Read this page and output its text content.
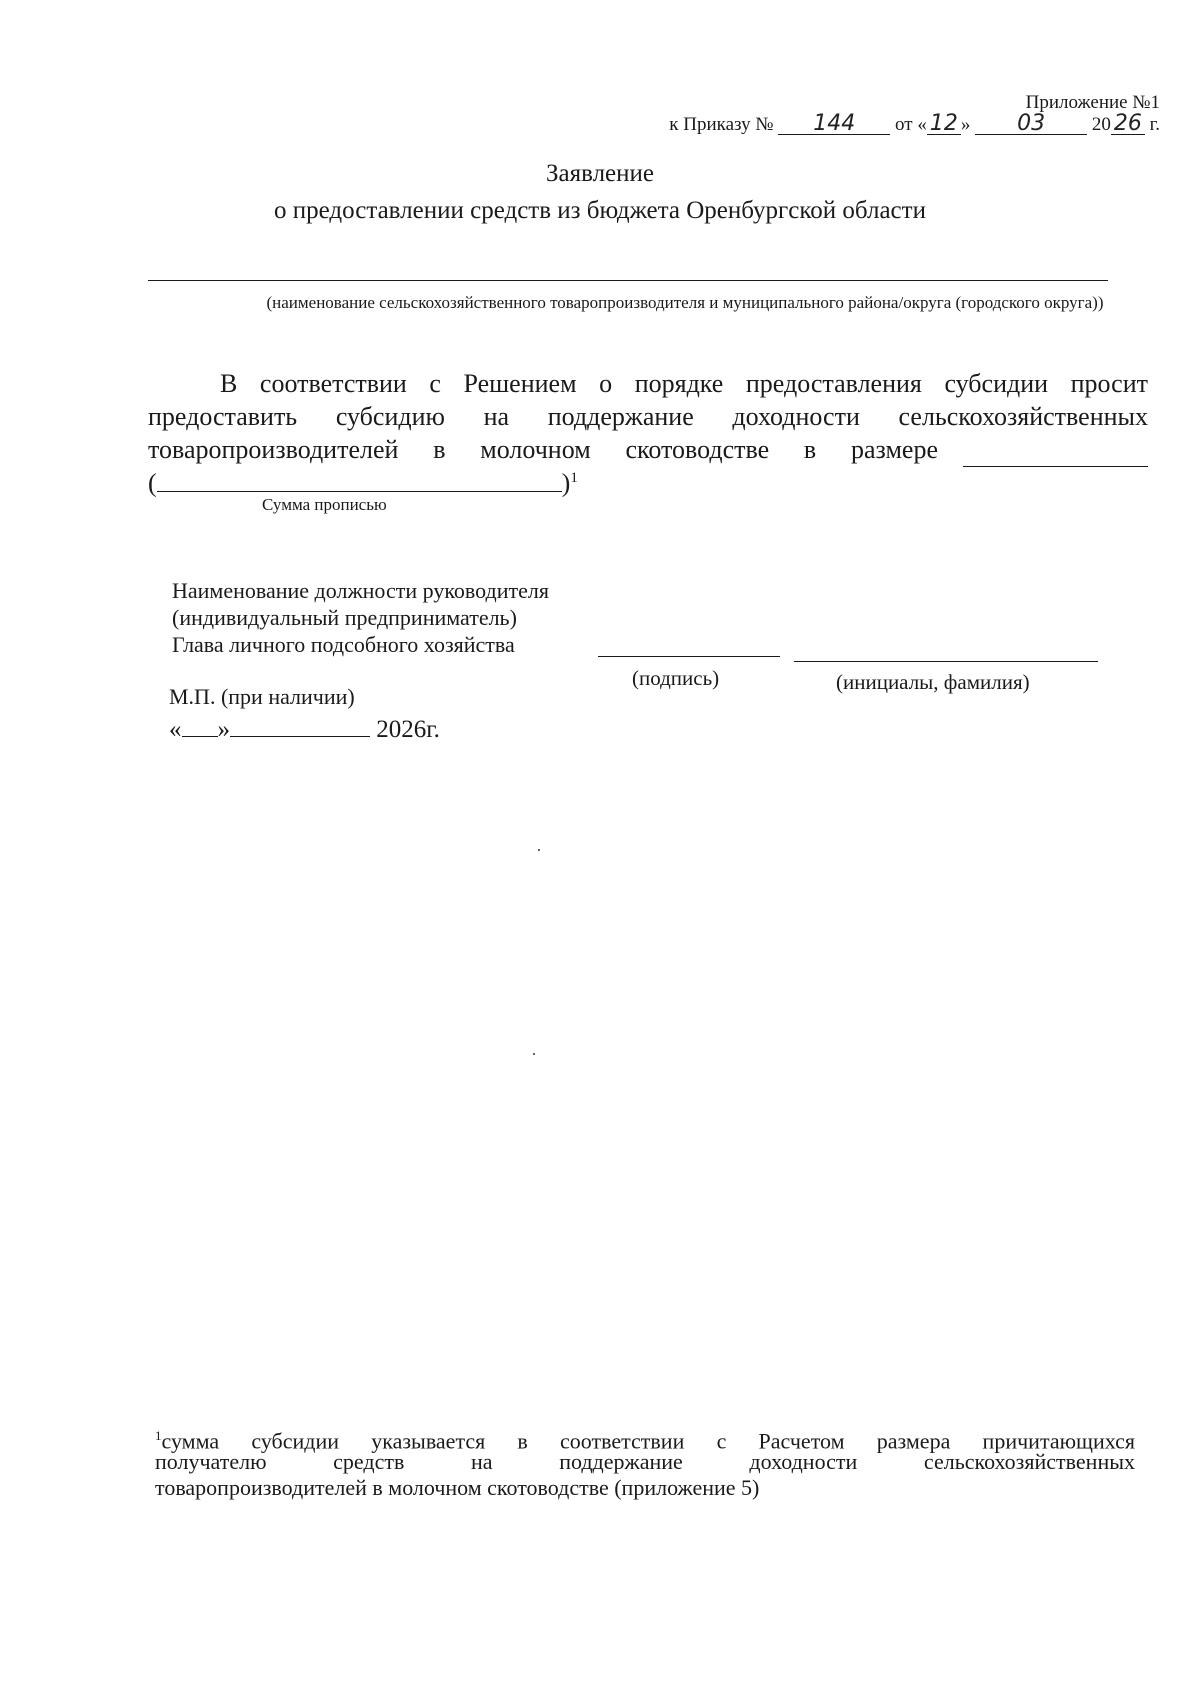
Приложение №1
к Приказу № 144 от « 12 » 03 20 26 г.
Заявление
о предоставлении средств из бюджета Оренбургской области
(наименование сельскохозяйственного товаропроизводителя и муниципального района/округа (городского округа))
В соответствии с Решением о порядке предоставления субсидии просит
предоставить субсидию на поддержание доходности сельскохозяйственных
товаропроизводителей в молочном скотоводстве в размере
(	)$^1$
Сумма прописью
Наименование должности руководителя
(индивидуальный предприниматель)
Глава личного подсобного хозяйства
(подпись)	(инициалы, фамилия)
М.П. (при наличии)
« »	2026г.
$^1$сумма субсидии указывается в соответствии с Расчетом размера причитающихся
получателю средств на поддержание доходности сельскохозяйственных
товаропроизводителей в молочном скотоводстве (приложение 5)
